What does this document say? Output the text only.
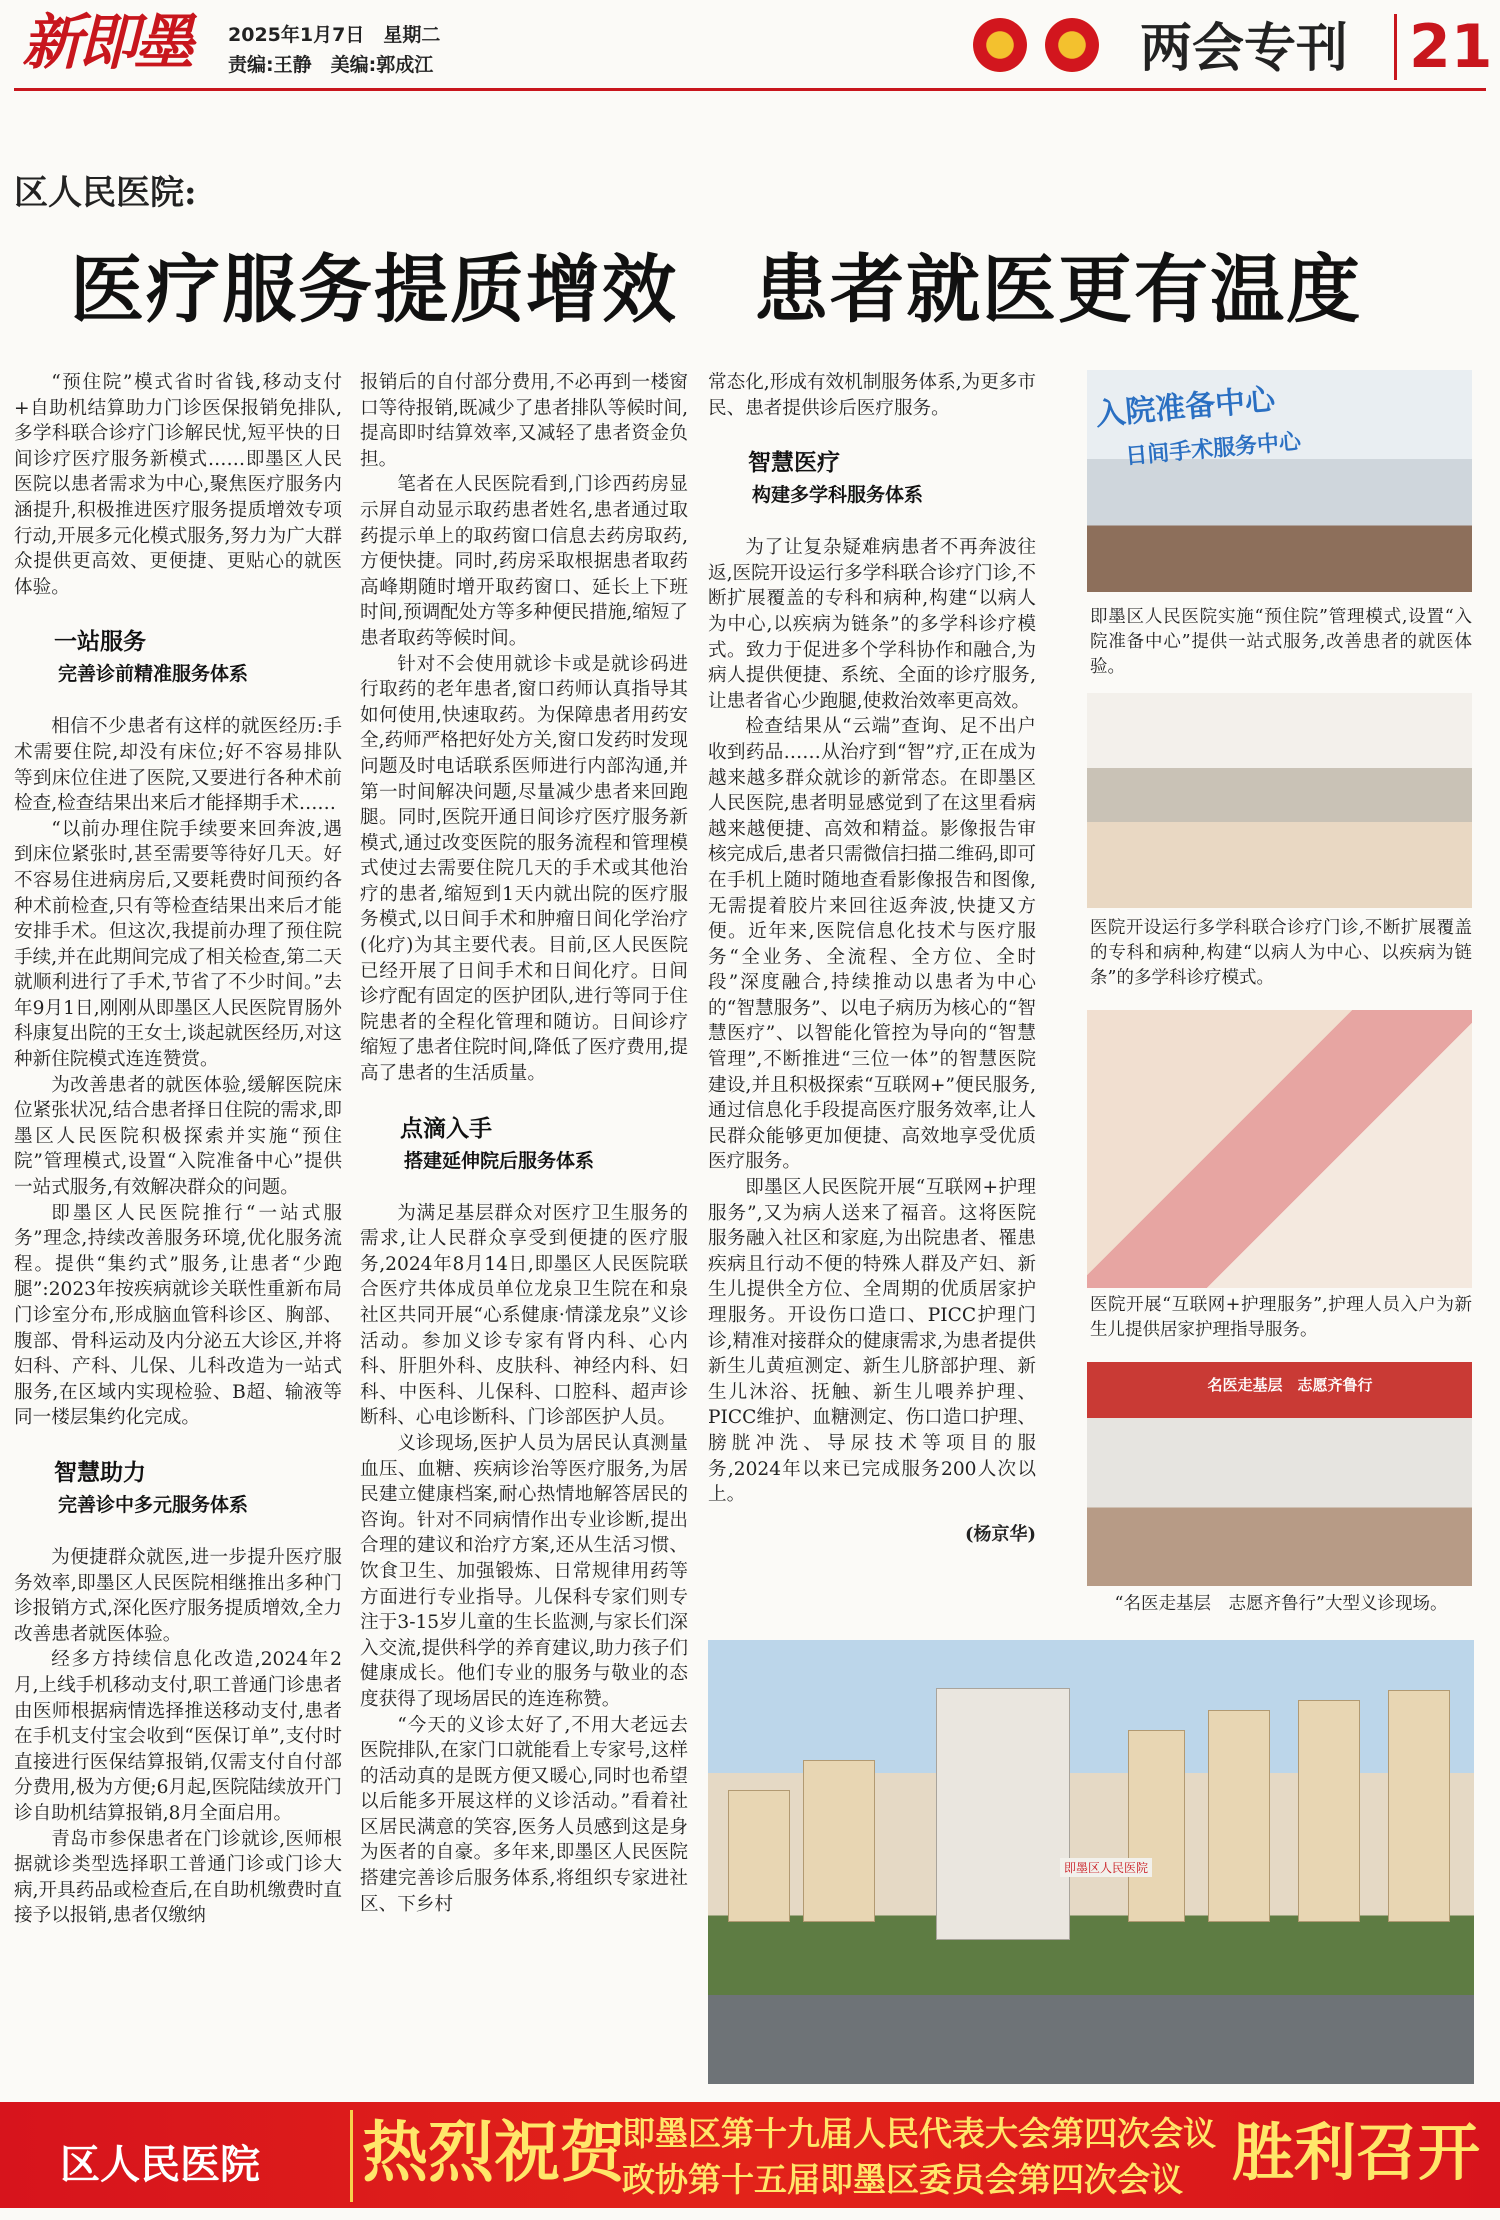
新即墨 2025年1月7日　星期二
责编:王静　美编:郭成江	两会专刊 21
区人民医院:
医疗服务提质增效　患者就医更有温度

“预住院”模式省时省钱,移动支付+自助机结算助力门诊医保报销免排队,多学科联合诊疗门诊解民忧,短平快的日间诊疗医疗服务新模式……即墨区人民医院以患者需求为中心,聚焦医疗服务内涵提升,积极推进医疗服务提质增效专项行动,开展多元化模式服务,努力为广大群众提供更高效、更便捷、更贴心的就医体验。

一站服务
完善诊前精准服务体系

相信不少患者有这样的就医经历:手术需要住院,却没有床位;好不容易排队等到床位住进了医院,又要进行各种术前检查,检查结果出来后才能择期手术……

“以前办理住院手续要来回奔波,遇到床位紧张时,甚至需要等待好几天。好不容易住进病房后,又要耗费时间预约各种术前检查,只有等检查结果出来后才能安排手术。但这次,我提前办理了预住院手续,并在此期间完成了相关检查,第二天就顺利进行了手术,节省了不少时间。”去年9月1日,刚刚从即墨区人民医院胃肠外科康复出院的王女士,谈起就医经历,对这种新住院模式连连赞赏。

为改善患者的就医体验,缓解医院床位紧张状况,结合患者择日住院的需求,即墨区人民医院积极探索并实施“预住院”管理模式,设置“入院准备中心”提供一站式服务,有效解决群众的问题。

即墨区人民医院推行“一站式服务”理念,持续改善服务环境,优化服务流程。提供“集约式”服务,让患者“少跑腿”:2023年按疾病就诊关联性重新布局门诊室分布,形成脑血管科诊区、胸部、腹部、骨科运动及内分泌五大诊区,并将妇科、产科、儿保、儿科改造为一站式服务,在区域内实现检验、B超、输液等同一楼层集约化完成。

智慧助力
完善诊中多元服务体系

为便捷群众就医,进一步提升医疗服务效率,即墨区人民医院相继推出多种门诊报销方式,深化医疗服务提质增效,全力改善患者就医体验。

经多方持续信息化改造,2024年2月,上线手机移动支付,职工普通门诊患者由医师根据病情选择推送移动支付,患者在手机支付宝会收到“医保订单”,支付时直接进行医保结算报销,仅需支付自付部分费用,极为方便;6月起,医院陆续放开门诊自助机结算报销,8月全面启用。

青岛市参保患者在门诊就诊,医师根据就诊类型选择职工普通门诊或门诊大病,开具药品或检查后,在自助机缴费时直接予以报销,患者仅缴纳

报销后的自付部分费用,不必再到一楼窗口等待报销,既减少了患者排队等候时间,提高即时结算效率,又减轻了患者资金负担。

笔者在人民医院看到,门诊西药房显示屏自动显示取药患者姓名,患者通过取药提示单上的取药窗口信息去药房取药,方便快捷。同时,药房采取根据患者取药高峰期随时增开取药窗口、延长上下班时间,预调配处方等多种便民措施,缩短了患者取药等候时间。

针对不会使用就诊卡或是就诊码进行取药的老年患者,窗口药师认真指导其如何使用,快速取药。为保障患者用药安全,药师严格把好处方关,窗口发药时发现问题及时电话联系医师进行内部沟通,并第一时间解决问题,尽量减少患者来回跑腿。同时,医院开通日间诊疗医疗服务新模式,通过改变医院的服务流程和管理模式使过去需要住院几天的手术或其他治疗的患者,缩短到1天内就出院的医疗服务模式,以日间手术和肿瘤日间化学治疗(化疗)为其主要代表。目前,区人民医院已经开展了日间手术和日间化疗。日间诊疗配有固定的医护团队,进行等同于住院患者的全程化管理和随访。日间诊疗缩短了患者住院时间,降低了医疗费用,提高了患者的生活质量。

点滴入手
搭建延伸院后服务体系

为满足基层群众对医疗卫生服务的需求,让人民群众享受到便捷的医疗服务,2024年8月14日,即墨区人民医院联合医疗共体成员单位龙泉卫生院在和泉社区共同开展“心系健康·情漾龙泉”义诊活动。参加义诊专家有肾内科、心内科、肝胆外科、皮肤科、神经内科、妇科、中医科、儿保科、口腔科、超声诊断科、心电诊断科、门诊部医护人员。

义诊现场,医护人员为居民认真测量血压、血糖、疾病诊治等医疗服务,为居民建立健康档案,耐心热情地解答居民的咨询。针对不同病情作出专业诊断,提出合理的建议和治疗方案,还从生活习惯、饮食卫生、加强锻炼、日常规律用药等方面进行专业指导。儿保科专家们则专注于3-15岁儿童的生长监测,与家长们深入交流,提供科学的养育建议,助力孩子们健康成长。他们专业的服务与敬业的态度获得了现场居民的连连称赞。

“今天的义诊太好了,不用大老远去医院排队,在家门口就能看上专家号,这样的活动真的是既方便又暖心,同时也希望以后能多开展这样的义诊活动。”看着社区居民满意的笑容,医务人员感到这是身为医者的自豪。多年来,即墨区人民医院搭建完善诊后服务体系,将组织专家进社区、下乡村

常态化,形成有效机制服务体系,为更多市民、患者提供诊后医疗服务。

智慧医疗
构建多学科服务体系

为了让复杂疑难病患者不再奔波往返,医院开设运行多学科联合诊疗门诊,不断扩展覆盖的专科和病种,构建“以病人为中心,以疾病为链条”的多学科诊疗模式。致力于促进多个学科协作和融合,为病人提供便捷、系统、全面的诊疗服务,让患者省心少跑腿,使救治效率更高效。

检查结果从“云端”查询、足不出户收到药品……从治疗到“智”疗,正在成为越来越多群众就诊的新常态。在即墨区人民医院,患者明显感觉到了在这里看病越来越便捷、高效和精益。影像报告审核完成后,患者只需微信扫描二维码,即可在手机上随时随地查看影像报告和图像,无需提着胶片来回往返奔波,快捷又方便。近年来,医院信息化技术与医疗服务“全业务、全流程、全方位、全时段”深度融合,持续推动以患者为中心的“智慧服务”、以电子病历为核心的“智慧医疗”、以智能化管控为导向的“智慧管理”,不断推进“三位一体”的智慧医院建设,并且积极探索“互联网+”便民服务,通过信息化手段提高医疗服务效率,让人民群众能够更加便捷、高效地享受优质医疗服务。

即墨区人民医院开展“互联网+护理服务”,又为病人送来了福音。这将医院服务融入社区和家庭,为出院患者、罹患疾病且行动不便的特殊人群及产妇、新生儿提供全方位、全周期的优质居家护理服务。开设伤口造口、PICC护理门诊,精准对接群众的健康需求,为患者提供新生儿黄疸测定、新生儿脐部护理、新生儿沐浴、抚触、新生儿喂养护理、PICC维护、血糖测定、伤口造口护理、膀胱冲洗、导尿技术等项目的服务,2024年以来已完成服务200人次以上。

(杨京华)
入院准备中心
日间手术服务中心
即墨区人民医院实施“预住院”管理模式,设置“入院准备中心”提供一站式服务,改善患者的就医体验。
医院开设运行多学科联合诊疗门诊,不断扩展覆盖的专科和病种,构建“以病人为中心、以疾病为链条”的多学科诊疗模式。
医院开展“互联网+护理服务”,护理人员入户为新生儿提供居家护理指导服务。
名医走基层　志愿齐鲁行
“名医走基层　志愿齐鲁行”大型义诊现场。
即墨区人民医院
区人民医院 热烈祝贺
即墨区第十九届人民代表大会第四次会议
政协第十五届即墨区委员会第四次会议 胜利召开
